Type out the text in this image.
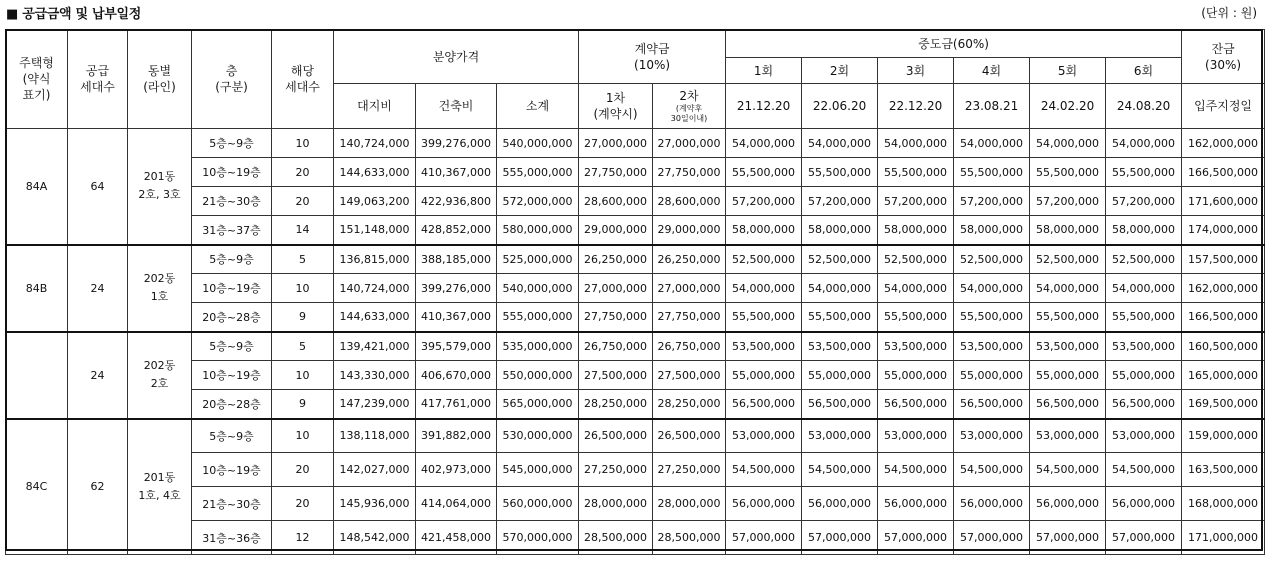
■ 공급금액 및 납부일정	(단위 : 원)
주택형
(약식
표기)	공급
세대수	동별
(라인)	층
(구분)	해당
세대수	분양가격			계약금
(10%)		중도금(60%)						잔금
(30%)
										1회	2회	3회	4회	5회	6회	
					대지비	건축비	소계	1차
(계약시)	2차
(계약후
30일이내)	21.12.20	22.06.20	22.12.20	23.08.21	24.02.20	24.08.20	입주지정일
84A	64	201동
2호, 3호	5층~9층	10	140,724,000	399,276,000	540,000,000	27,000,000	27,000,000	54,000,000	54,000,000	54,000,000	54,000,000	54,000,000	54,000,000	162,000,000
			10층~19층	20	144,633,000	410,367,000	555,000,000	27,750,000	27,750,000	55,500,000	55,500,000	55,500,000	55,500,000	55,500,000	55,500,000	166,500,000
			21층~30층	20	149,063,200	422,936,800	572,000,000	28,600,000	28,600,000	57,200,000	57,200,000	57,200,000	57,200,000	57,200,000	57,200,000	171,600,000
			31층~37층	14	151,148,000	428,852,000	580,000,000	29,000,000	29,000,000	58,000,000	58,000,000	58,000,000	58,000,000	58,000,000	58,000,000	174,000,000
84B	24	202동
1호	5층~9층	5	136,815,000	388,185,000	525,000,000	26,250,000	26,250,000	52,500,000	52,500,000	52,500,000	52,500,000	52,500,000	52,500,000	157,500,000
			10층~19층	10	140,724,000	399,276,000	540,000,000	27,000,000	27,000,000	54,000,000	54,000,000	54,000,000	54,000,000	54,000,000	54,000,000	162,000,000
			20층~28층	9	144,633,000	410,367,000	555,000,000	27,750,000	27,750,000	55,500,000	55,500,000	55,500,000	55,500,000	55,500,000	55,500,000	166,500,000
	24	202동
2호	5층~9층	5	139,421,000	395,579,000	535,000,000	26,750,000	26,750,000	53,500,000	53,500,000	53,500,000	53,500,000	53,500,000	53,500,000	160,500,000
			10층~19층	10	143,330,000	406,670,000	550,000,000	27,500,000	27,500,000	55,000,000	55,000,000	55,000,000	55,000,000	55,000,000	55,000,000	165,000,000
			20층~28층	9	147,239,000	417,761,000	565,000,000	28,250,000	28,250,000	56,500,000	56,500,000	56,500,000	56,500,000	56,500,000	56,500,000	169,500,000
84C	62	201동
1호, 4호	5층~9층	10	138,118,000	391,882,000	530,000,000	26,500,000	26,500,000	53,000,000	53,000,000	53,000,000	53,000,000	53,000,000	53,000,000	159,000,000
			10층~19층	20	142,027,000	402,973,000	545,000,000	27,250,000	27,250,000	54,500,000	54,500,000	54,500,000	54,500,000	54,500,000	54,500,000	163,500,000
			21층~30층	20	145,936,000	414,064,000	560,000,000	28,000,000	28,000,000	56,000,000	56,000,000	56,000,000	56,000,000	56,000,000	56,000,000	168,000,000
			31층~36층	12	148,542,000	421,458,000	570,000,000	28,500,000	28,500,000	57,000,000	57,000,000	57,000,000	57,000,000	57,000,000	57,000,000	171,000,000
